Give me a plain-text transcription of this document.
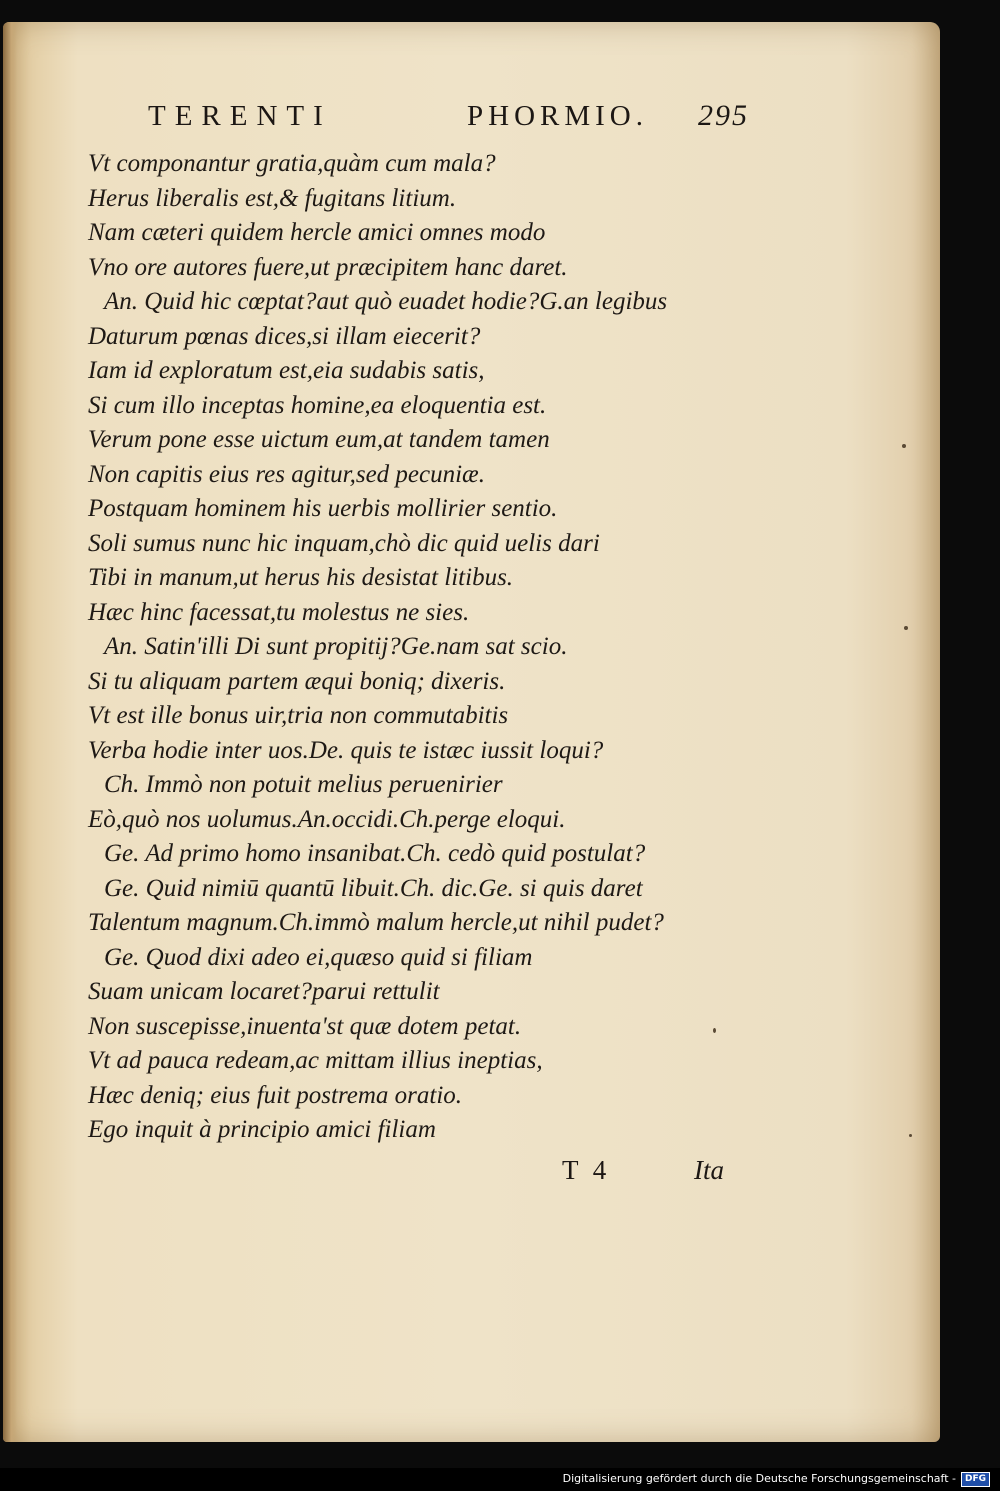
TERENTI	PHORMIO. 295
Vt componantur gratia,quàm cum mala?
Herus liberalis est,& fugitans litium.
Nam cæteri quidem hercle amici omnes modo
Vno ore autores fuere,ut præcipitem hanc daret.
An. Quid hic cœptat?aut quò euadet hodie?G.an legibus
Daturum pœnas dices,si illam eiecerit?
Iam id exploratum est,eia sudabis satis,
Si cum illo inceptas homine,ea eloquentia est.
Verum pone esse uictum eum,at tandem tamen
Non capitis eius res agitur,sed pecuniæ.
Postquam hominem his uerbis mollirier sentio.
Soli sumus nunc hic inquam,chò dic quid uelis dari
Tibi in manum,ut herus his desistat litibus.
Hæc hinc facessat,tu molestus ne sies.
An. Satin'illi Di sunt propitij?Ge.nam sat scio.
Si tu aliquam partem æqui boniq; dixeris.
Vt est ille bonus uir,tria non commutabitis
Verba hodie inter uos.De. quis te istæc iussit loqui?
Ch. Immò non potuit melius peruenirier
Eò,quò nos uolumus.An.occidi.Ch.perge eloqui.
Ge. Ad primo homo insanibat.Ch. cedò quid postulat?
Ge. Quid nimiū quantū libuit.Ch. dic.Ge. si quis daret
Talentum magnum.Ch.immò malum hercle,ut nihil pudet?
Ge. Quod dixi adeo ei,quæso quid si filiam
Suam unicam locaret?parui rettulit
Non suscepisse,inuenta'st quæ dotem petat.
Vt ad pauca redeam,ac mittam illius ineptias,
Hæc deniq; eius fuit postrema oratio.
Ego inquit à principio amici filiam
T 4	Ita
Digitalisierung gefördert durch die Deutsche Forschungsgemeinschaft -	DFG
